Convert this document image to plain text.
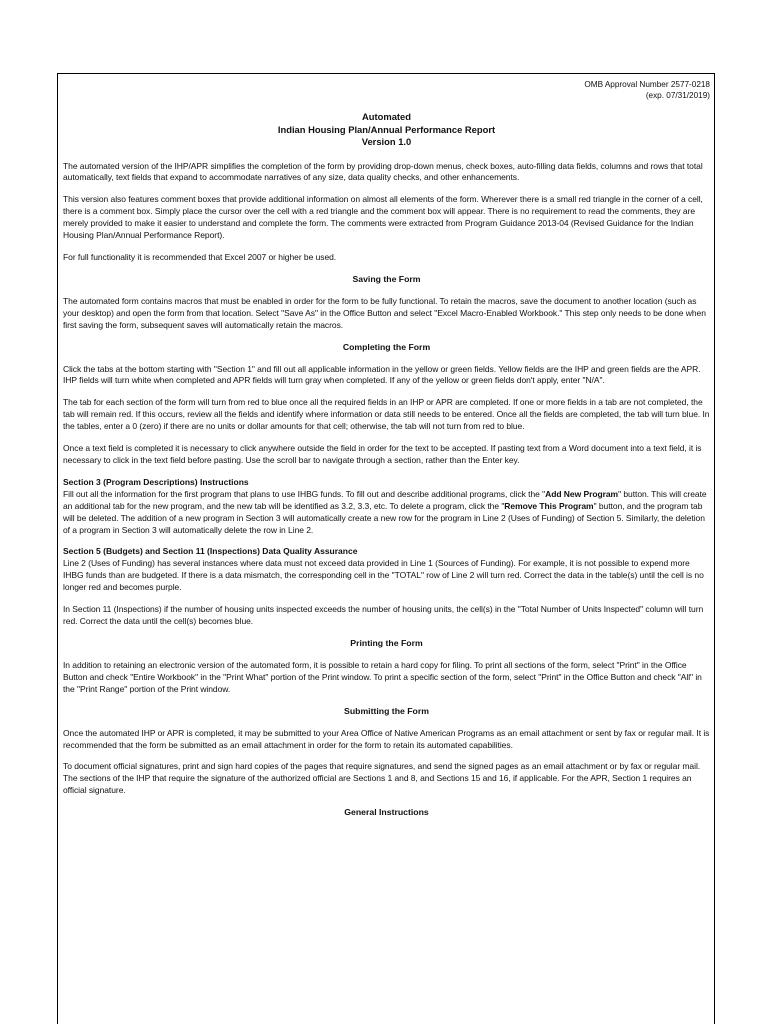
OMB Approval Number 2577-0218
(exp. 07/31/2019)
Automated
Indian Housing Plan/Annual Performance Report
Version 1.0

The automated version of the IHP/APR simplifies the completion of the form by providing drop-down menus, check boxes, auto-filling data fields, columns and rows that total automatically, text fields that expand to accommodate narratives of any size, data quality checks, and other enhancements.

This version also features comment boxes that provide additional information on almost all elements of the form. Wherever there is a small red triangle in the corner of a cell, there is a comment box. Simply place the cursor over the cell with a red triangle and the comment box will appear. There is no requirement to read the comments, they are merely provided to make it easier to understand and complete the form. The comments were extracted from Program Guidance 2013-04 (Revised Guidance for the Indian Housing Plan/Annual Performance Report).

For full functionality it is recommended that Excel 2007 or higher be used.

Saving the Form

The automated form contains macros that must be enabled in order for the form to be fully functional. To retain the macros, save the document to another location (such as your desktop) and open the form from that location. Select "Save As" in the Office Button and select "Excel Macro-Enabled Workbook." This step only needs to be done when first saving the form, subsequent saves will automatically retain the macros.

Completing the Form

Click the tabs at the bottom starting with "Section 1" and fill out all applicable information in the yellow or green fields. Yellow fields are the IHP and green fields are the APR. IHP fields will turn white when completed and APR fields will turn gray when completed. If any of the yellow or green fields don't apply, enter "N/A".

The tab for each section of the form will turn from red to blue once all the required fields in an IHP or APR are completed. If one or more fields in a tab are not completed, the tab will remain red. If this occurs, review all the fields and identify where information or data still needs to be entered. Once all the fields are completed, the tab will turn blue. In the tables, enter a 0 (zero) if there are no units or dollar amounts for that cell; otherwise, the tab will not turn from red to blue.

Once a text field is completed it is necessary to click anywhere outside the field in order for the text to be accepted. If pasting text from a Word document into a text field, it is necessary to click in the text field before pasting. Use the scroll bar to navigate through a section, rather than the Enter key.

Section 3 (Program Descriptions) Instructions

Fill out all the information for the first program that plans to use IHBG funds. To fill out and describe additional programs, click the "Add New Program" button. This will create an additional tab for the new program, and the new tab will be identified as 3.2, 3.3, etc. To delete a program, click the "Remove This Program" button, and the program tab will be deleted. The addition of a new program in Section 3 will automatically create a new row for the program in Line 2 (Uses of Funding) of Section 5. Similarly, the deletion of a program in Section 3 will automatically delete the row in Line 2.

Section 5 (Budgets) and Section 11 (Inspections) Data Quality Assurance

Line 2 (Uses of Funding) has several instances where data must not exceed data provided in Line 1 (Sources of Funding). For example, it is not possible to expend more IHBG funds than are budgeted. If there is a data mismatch, the corresponding cell in the "TOTAL" row of Line 2 will turn red. Correct the data in the table(s) until the cell is no longer red and becomes purple.

In Section 11 (Inspections) if the number of housing units inspected exceeds the number of housing units, the cell(s) in the "Total Number of Units Inspected" column will turn red. Correct the data until the cell(s) becomes blue.

Printing the Form

In addition to retaining an electronic version of the automated form, it is possible to retain a hard copy for filing. To print all sections of the form, select "Print" in the Office Button and check "Entire Workbook" in the "Print What" portion of the Print window. To print a specific section of the form, select "Print" in the Office Button and check "All" in the "Print Range" portion of the Print window.

Submitting the Form

Once the automated IHP or APR is completed, it may be submitted to your Area Office of Native American Programs as an email attachment or sent by fax or regular mail. It is recommended that the form be submitted as an email attachment in order for the form to retain its automated capabilities.

To document official signatures, print and sign hard copies of the pages that require signatures, and send the signed pages as an email attachment or by fax or regular mail. The sections of the IHP that require the signature of the authorized official are Sections 1 and 8, and Sections 15 and 16, if applicable. For the APR, Section 1 requires an official signature.

General Instructions
